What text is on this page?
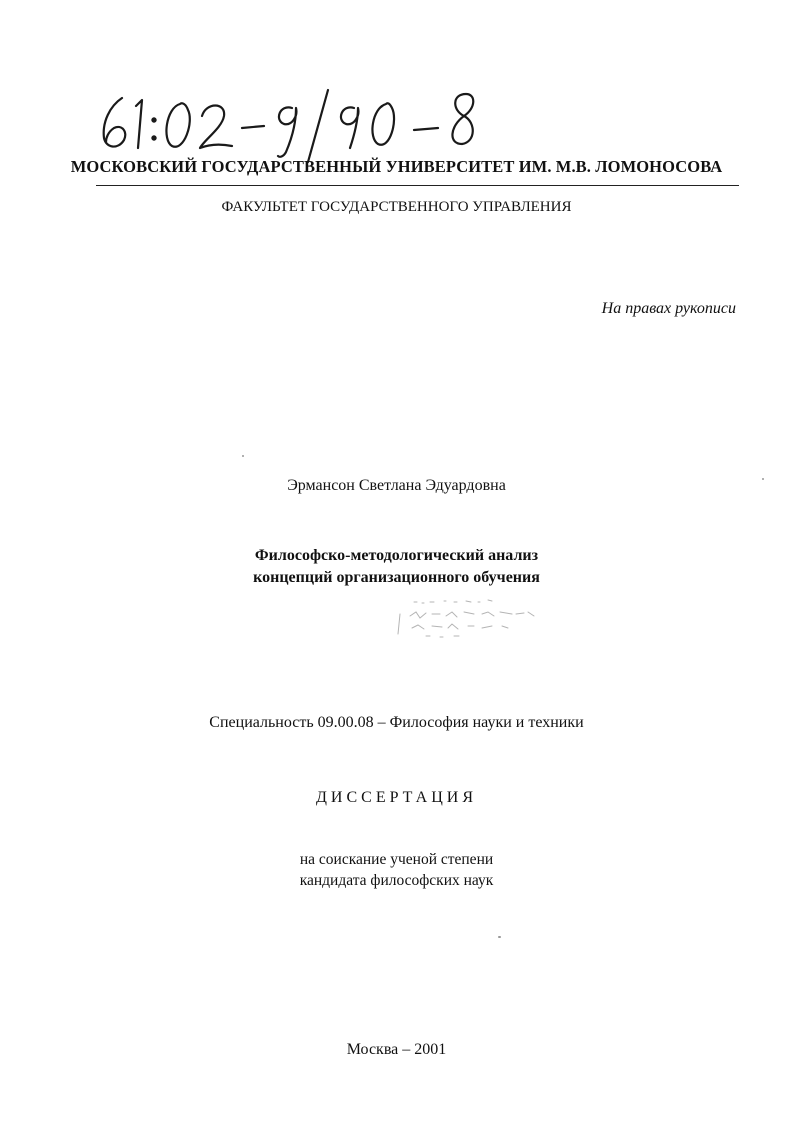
МОСКОВСКИЙ ГОСУДАРСТВЕННЫЙ УНИВЕРСИТЕТ ИМ. М.В. ЛОМОНОСОВА
ФАКУЛЬТЕТ ГОСУДАРСТВЕННОГО УПРАВЛЕНИЯ
На правах рукописи
Эрмансон Светлана Эдуардовна
Философско-методологический анализ
концепций организационного обучения
Специальность 09.00.08 – Философия науки и техники
ДИССЕРТАЦИЯ
на соискание ученой степени
кандидата философских наук
Москва – 2001
